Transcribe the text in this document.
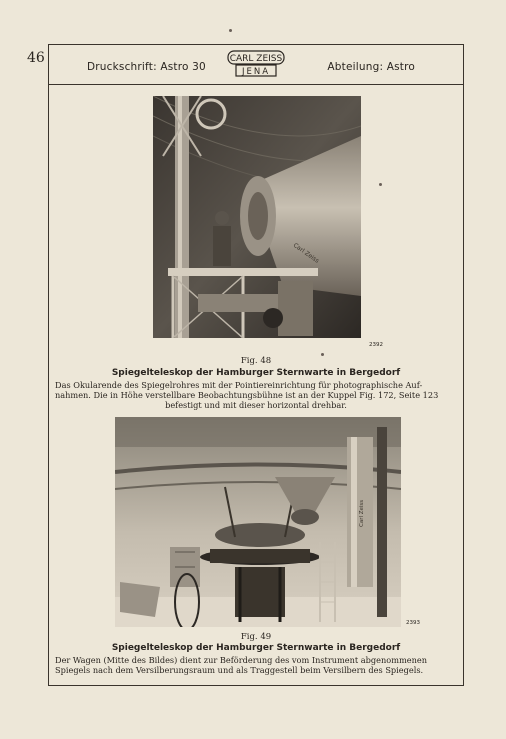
46
Druckschrift: Astro 30
CARL ZEISS
JENA	Abteilung: Astro
Carl Zeiss
2392
Fig. 48
Spiegelteleskop der Hamburger Sternwarte in Bergedorf
Das Okularende des Spiegelrohres mit der Pointiereinrichtung für photographische Auf-
nahmen. Die in Höhe verstellbare Beobachtungsbühne ist an der Kuppel Fig. 172, Seite 123

befestigt und mit dieser horizontal drehbar.
Carl Zeiss
2393
Fig. 49
Spiegelteleskop der Hamburger Sternwarte in Bergedorf
Der Wagen (Mitte des Bildes) dient zur Beförderung des vom Instrument abgenommenen
Spiegels nach dem Versilberungsraum und als Traggestell beim Versilbern des Spiegels.
